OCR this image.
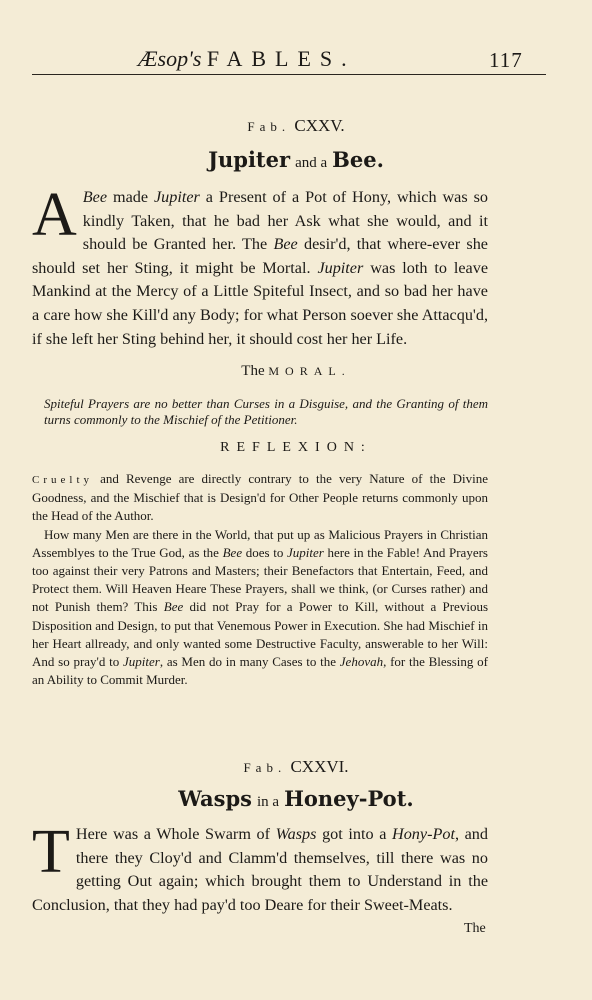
Æsop's FABLES.	117
Fab. CXXV.
Jupiter and a Bee.
A Bee made Jupiter a Present of a Pot of Hony, which was so kindly Taken, that he bad her Ask what she would, and it should be Granted her. The Bee desir'd, that where-ever she should set her Sting, it might be Mortal. Jupiter was loth to leave Mankind at the Mercy of a Little Spiteful Insect, and so bad her have a care how she Kill'd any Body; for what Person soever she Attacqu'd, if she left her Sting behind her, it should cost her her Life.
The MORAL.
Spiteful Prayers are no better than Curses in a Disguise, and the Granting of them turns commonly to the Mischief of the Petitioner.
REFLEXION:

Cruelty and Revenge are directly contrary to the very Nature of the Divine Goodness, and the Mischief that is Design'd for Other People returns commonly upon the Head of the Author.

How many Men are there in the World, that put up as Malicious Prayers in Christian Assemblyes to the True God, as the Bee does to Jupiter here in the Fable! And Prayers too against their very Patrons and Masters; their Benefactors that Entertain, Feed, and Protect them. Will Heaven Heare These Prayers, shall we think, (or Curses rather) and not Punish them? This Bee did not Pray for a Power to Kill, without a Previous Disposition and Design, to put that Venemous Power in Execution. She had Mischief in her Heart allready, and only wanted some Destructive Faculty, answerable to her Will: And so pray'd to Jupiter, as Men do in many Cases to the Jehovah, for the Blessing of an Ability to Commit Murder.

Fab. CXXVI.
Wasps in a Honey-Pot.
T Here was a Whole Swarm of Wasps got into a Hony-Pot, and there they Cloy'd and Clamm'd themselves, till there was no getting Out again; which brought them to Understand in the Conclusion, that they had pay'd too Deare for their Sweet-Meats.
The
